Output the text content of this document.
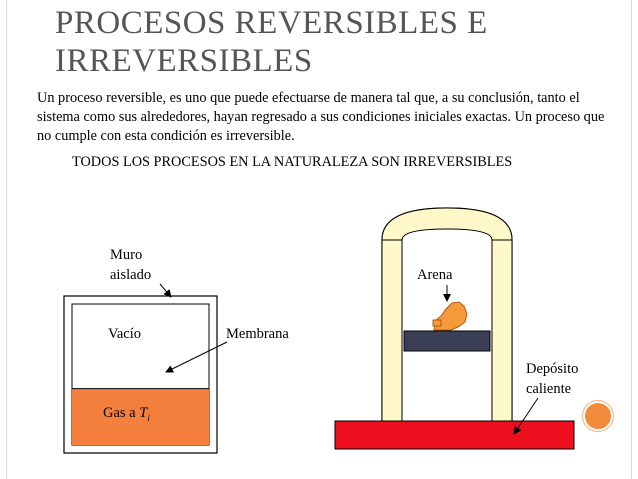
PROCESOS REVERSIBLES E
IRREVERSIBLES

Un proceso reversible, es uno que puede efectuarse de manera tal que, a su conclusión, tanto el sistema como sus alrededores, hayan regresado a sus condiciones iniciales exactas. Un proceso que no cumple con esta condición es irreversible.

TODOS LOS PROCESOS EN LA NATURALEZA SON IRREVERSIBLES

Muro
aislado

Vacío	Membrana

Gas a $T_i$

Arena

Depósito
caliente
